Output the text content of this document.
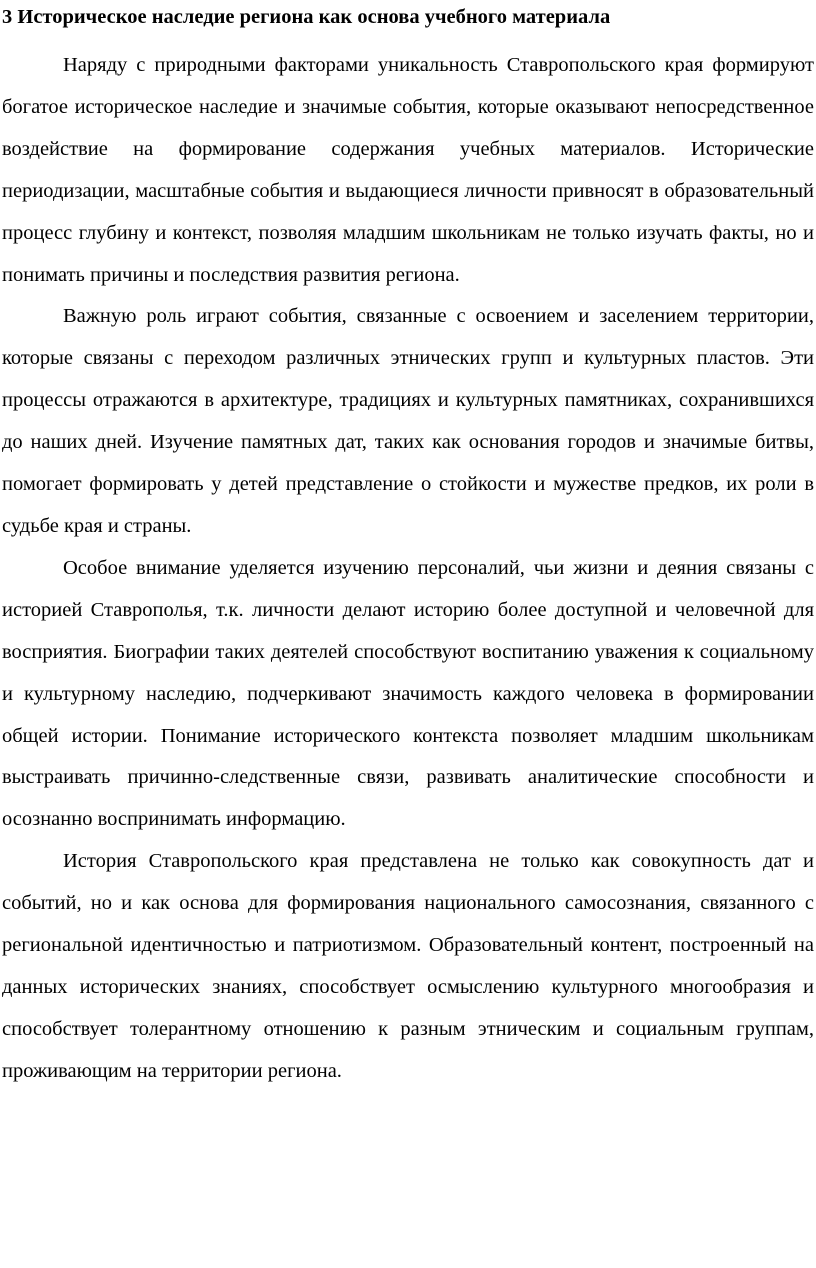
3 Историческое наследие региона как основа учебного материала

Наряду с природными факторами уникальность Ставропольского края формируют богатое историческое наследие и значимые события, которые оказывают непосредственное воздействие на формирование содержания учебных материалов. Исторические периодизации, масштабные события и выдающиеся личности привносят в образовательный процесс глубину и контекст, позволяя младшим школьникам не только изучать факты, но и понимать причины и последствия развития региона.

Важную роль играют события, связанные с освоением и заселением территории, которые связаны с переходом различных этнических групп и культурных пластов. Эти процессы отражаются в архитектуре, традициях и культурных памятниках, сохранившихся до наших дней. Изучение памятных дат, таких как основания городов и значимые битвы, помогает формировать у детей представление о стойкости и мужестве предков, их роли в судьбе края и страны.

Особое внимание уделяется изучению персоналий, чьи жизни и деяния связаны с историей Ставрополья, т.к. личности делают историю более доступной и человечной для восприятия. Биографии таких деятелей способствуют воспитанию уважения к социальному и культурному наследию, подчеркивают значимость каждого человека в формировании общей истории. Понимание исторического контекста позволяет младшим школьникам выстраивать причинно-следственные связи, развивать аналитические способности и осознанно воспринимать информацию.

История Ставропольского края представлена не только как совокупность дат и событий, но и как основа для формирования национального самосознания, связанного с региональной идентичностью и патриотизмом. Образовательный контент, построенный на данных исторических знаниях, способствует осмыслению культурного многообразия и способствует толерантному отношению к разным этническим и социальным группам, проживающим на территории региона.
